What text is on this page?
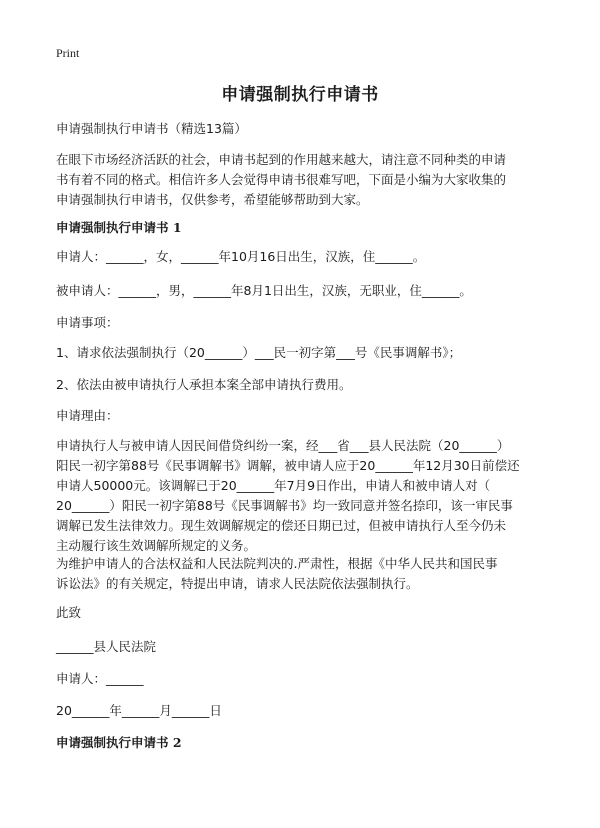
Print
申请强制执行申请书

申请强制执行申请书（精选13篇）

在眼下市场经济活跃的社会，申请书起到的作用越来越大，请注意不同种类的申请
书有着不同的格式。相信许多人会觉得申请书很难写吧，下面是小编为大家收集的
申请强制执行申请书，仅供参考，希望能够帮助到大家。

申请强制执行申请书 1

申请人：______，女，______年10月16日出生，汉族，住______。

被申请人：______，男，______年8月1日出生，汉族，无职业，住______。

申请事项：

1、请求依法强制执行（20______）___民一初字第___号《民事调解书》；

2、依法由被申请执行人承担本案全部申请执行费用。

申请理由：

申请执行人与被申请人因民间借贷纠纷一案，经___省___县人民法院（20______）
阳民一初字第88号《民事调解书》调解，被申请人应于20______年12月30日前偿还
申请人50000元。该调解已于20______年7月9日作出，申请人和被申请人对（
20______）阳民一初字第88号《民事调解书》均一致同意并签名捺印，该一审民事
调解已发生法律效力。现生效调解规定的偿还日期已过，但被申请执行人至今仍未
主动履行该生效调解所规定的义务。

为维护申请人的合法权益和人民法院判决的.严肃性，根据《中华人民共和国民事
诉讼法》的有关规定，特提出申请，请求人民法院依法强制执行。

此致

______县人民法院

申请人：______

20______年______月______日

申请强制执行申请书 2
